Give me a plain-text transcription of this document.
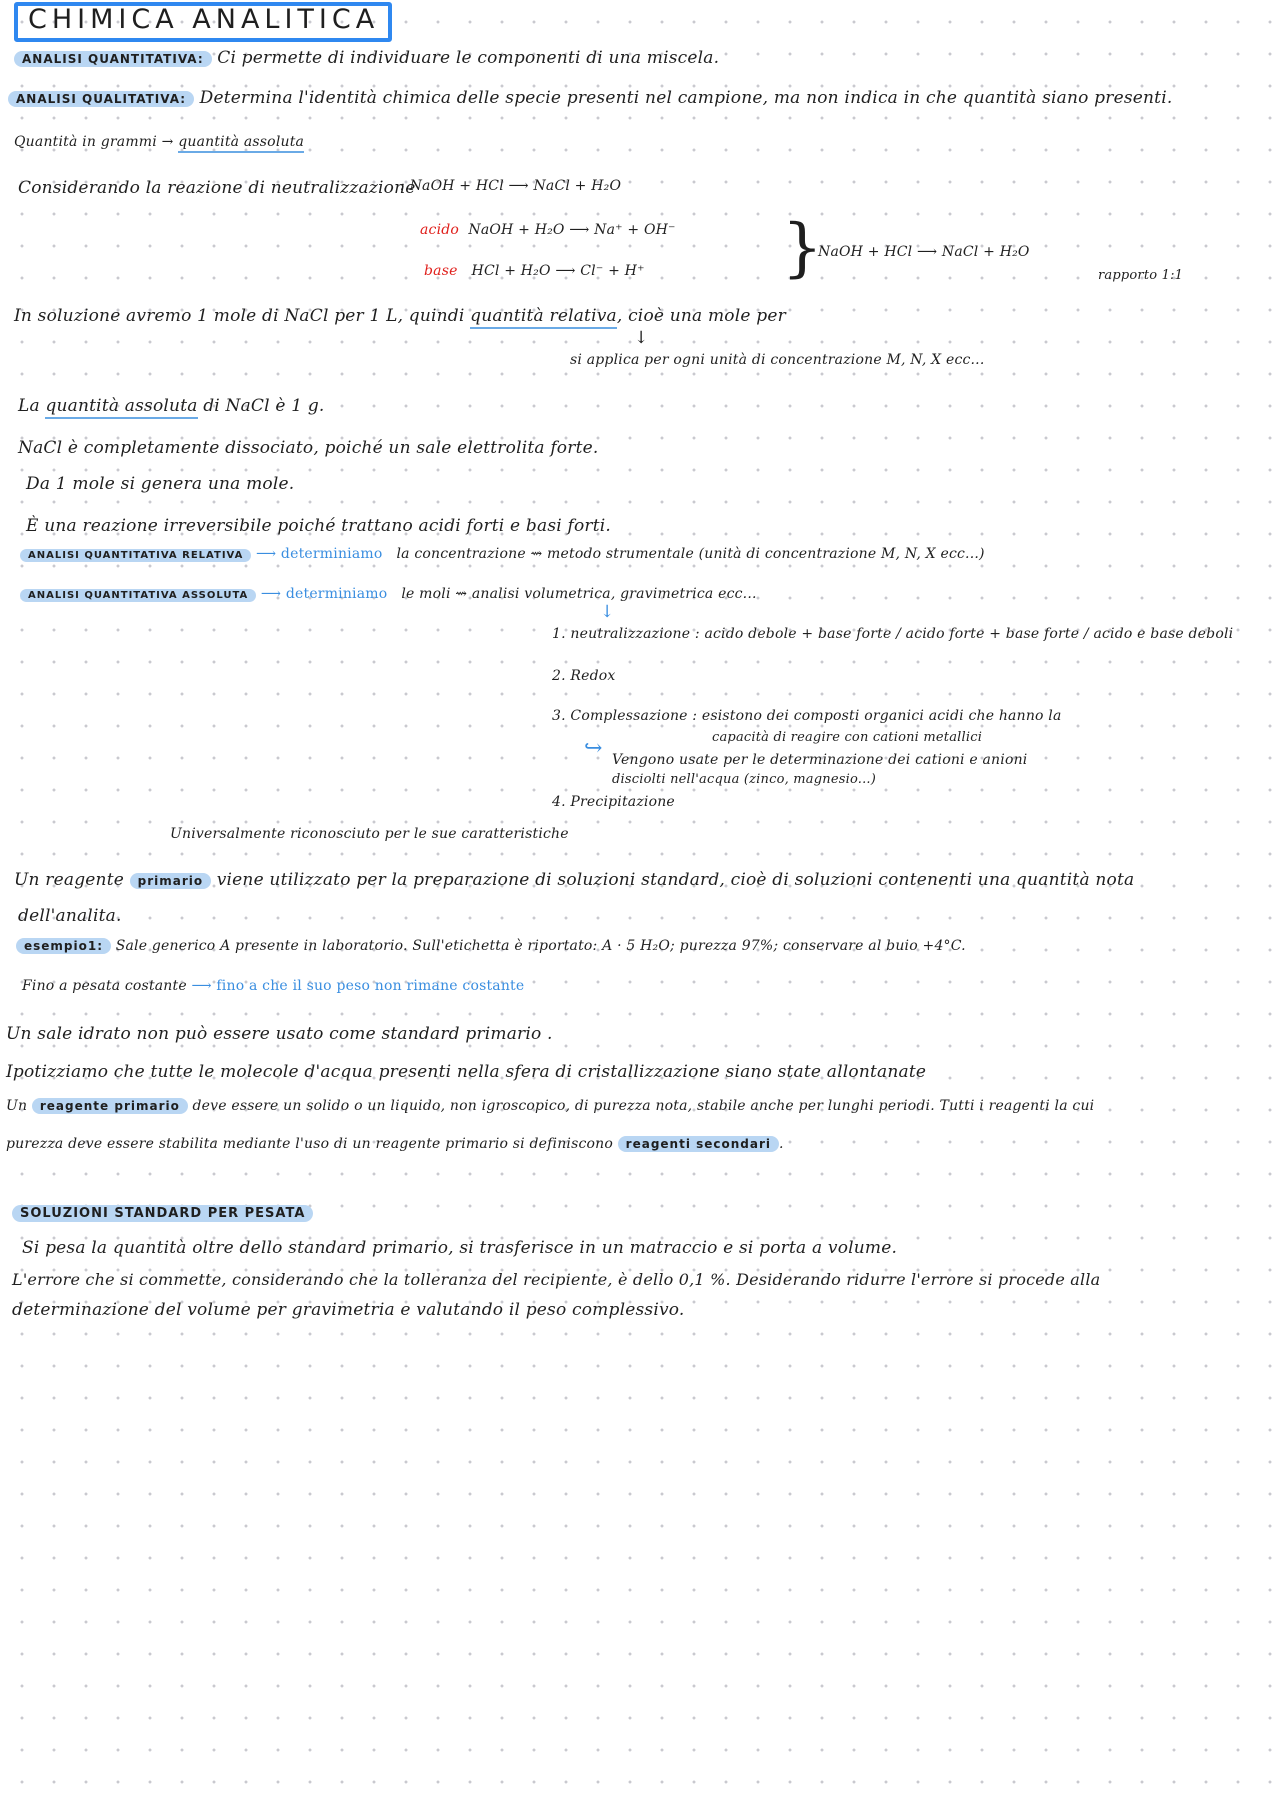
CHIMICA ANALITICA
ANALISI QUANTITATIVA: Ci permette di individuare le componenti di una miscela.
ANALISI QUALITATIVA: Determina l'identità chimica delle specie presenti nel campione, ma non indica in che quantità siano presenti.
Quantità in grammi → quantità assoluta
Considerando la reazione di neutralizzazione
: NaOH + HCl ⟶ NaCl + H₂O
acido NaOH + H₂O ⟶ Na⁺ + OH⁻
base HCl + H₂O ⟶ Cl⁻ + H⁺ }
NaOH + HCl ⟶ NaCl + H₂O
rapporto 1:1
In soluzione avremo 1 mole di NaCl per 1 L, quindi quantità relativa, cioè una mole per
↓
si applica per ogni unità di concentrazione M, N, X ecc...
La quantità assoluta di NaCl è 1 g.
NaCl è completamente dissociato, poiché un sale elettrolita forte.
Da 1 mole si genera una mole.
È una reazione irreversibile poiché trattano acidi forti e basi forti.
ANALISI QUANTITATIVA RELATIVA ⟶ determiniamo la concentrazione ⇝ metodo strumentale (unità di concentrazione M, N, X ecc...)
ANALISI QUANTITATIVA ASSOLUTA ⟶ determiniamo le moli ⇝ analisi volumetrica, gravimetrica ecc...
↓
1. neutralizzazione : acido debole + base forte / acido forte + base forte / acido e base deboli
2. Redox
3. Complessazione : esistono dei composti organici acidi che hanno la
capacità di reagire con cationi metallici
↪ Vengono usate per le determinazione dei cationi e anioni
disciolti nell'acqua (zinco, magnesio...)
4. Precipitazione
Universalmente riconosciuto per le sue caratteristiche
Un reagente primario viene utilizzato per la preparazione di soluzioni standard, cioè di soluzioni contenenti una quantità nota
dell'analita.
esempio1: Sale generico A presente in laboratorio. Sull'etichetta è riportato: A · 5 H₂O; purezza 97%; conservare al buio +4°C.
Fino a pesata costante ⟶ fino a che il suo peso non rimane costante
Un sale idrato non può essere usato come standard primario .
Ipotizziamo che tutte le molecole d'acqua presenti nella sfera di cristallizzazione siano state allontanate
Un reagente primario deve essere un solido o un liquido, non igroscopico, di purezza nota, stabile anche per lunghi periodi. Tutti i reagenti la cui
purezza deve essere stabilita mediante l'uso di un reagente primario si definiscono reagenti secondari .
SOLUZIONI STANDARD PER PESATA
Si pesa la quantità oltre dello standard primario, si trasferisce in un matraccio e si porta a volume.
L'errore che si commette, considerando che la tolleranza del recipiente, è dello 0,1 %. Desiderando ridurre l'errore si procede alla
determinazione del volume per gravimetria e valutando il peso complessivo.
